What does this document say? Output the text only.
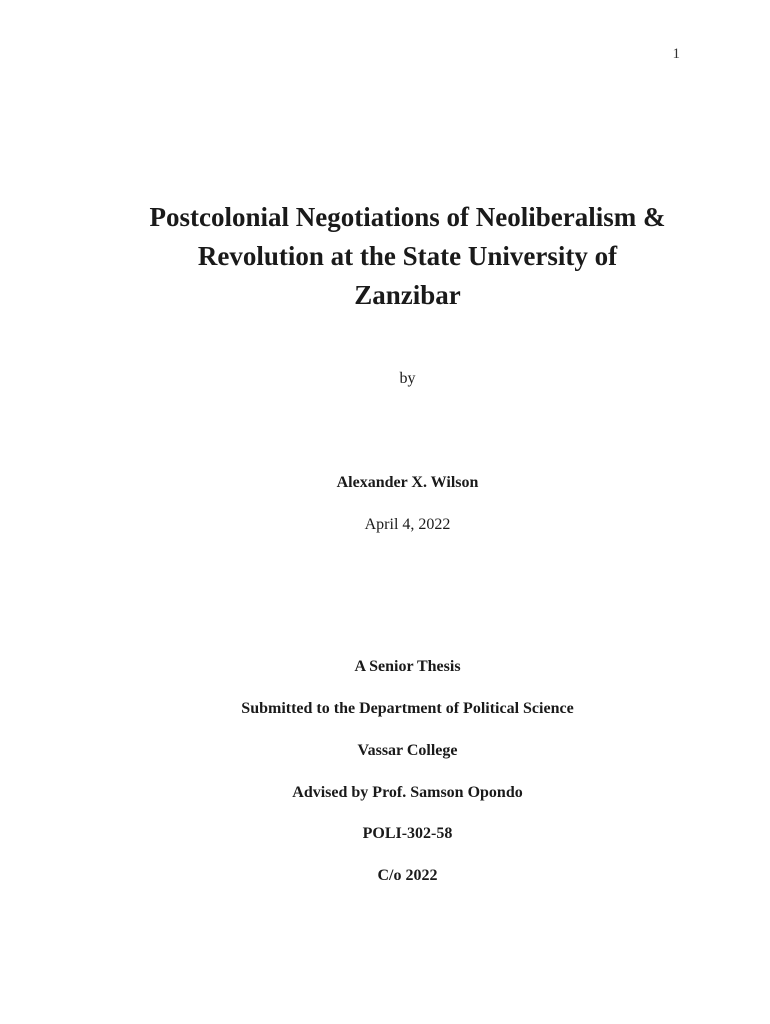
1
Postcolonial Negotiations of Neoliberalism &
Revolution at the State University of
Zanzibar

by

Alexander X. Wilson

April 4, 2022

A Senior Thesis

Submitted to the Department of Political Science

Vassar College

Advised by Prof. Samson Opondo

POLI-302-58

C/o 2022
